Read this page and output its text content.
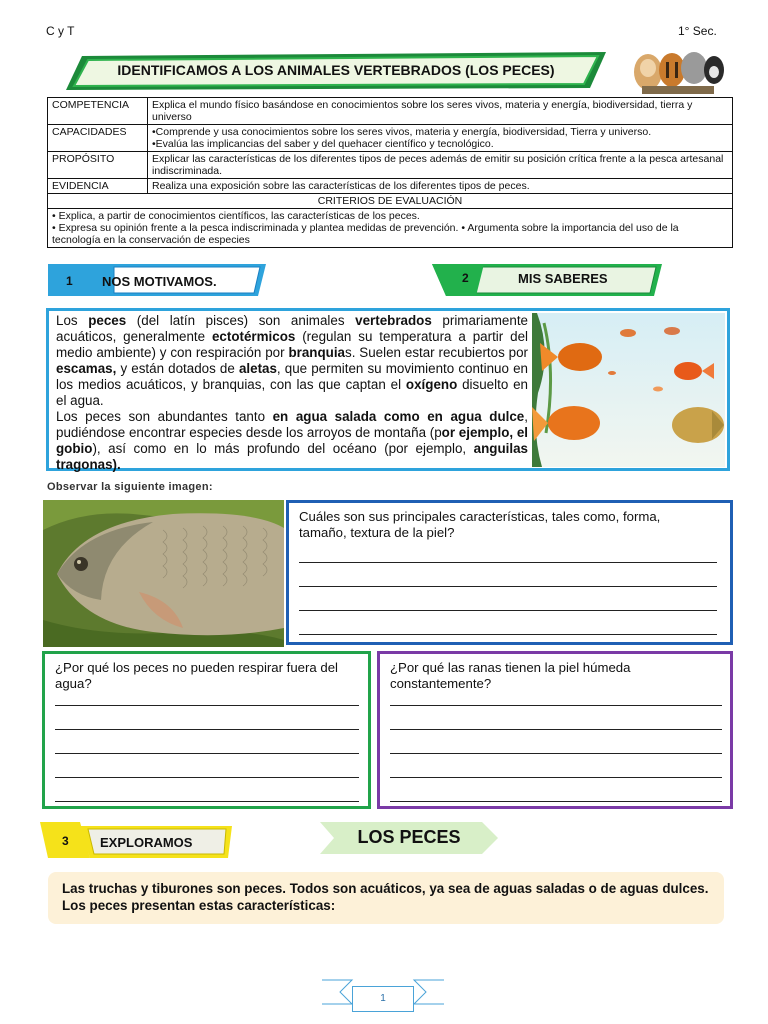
C y T	1° Sec.
IDENTIFICAMOS A LOS ANIMALES VERTEBRADOS (LOS PECES)
COMPETENCIA	Explica el mundo físico basándose en conocimientos sobre los seres vivos, materia y energía, biodiversidad, tierra y universo
CAPACIDADES	•Comprende y usa conocimientos sobre los seres vivos, materia y energía, biodiversidad, Tierra y universo.
•Evalúa las implicancias del saber y del quehacer científico y tecnológico.

PROPÓSITO	Explicar las características de los diferentes tipos de peces además de emitir su posición crítica frente a la pesca artesanal indiscriminada.
EVIDENCIA	Realiza una exposición sobre las características de los diferentes tipos de peces.
CRITERIOS DE EVALUACIÓN	

• Explica, a partir de conocimientos científicos, las características de los peces.
• Expresa su opinión frente a la pesca indiscriminada y plantea medidas de prevención. • Argumenta sobre la importancia del uso de la tecnología en la conservación de especies	
1 NOS MOTIVAMOS.	2	MIS SABERES

Los peces (del latín pisces) son animales vertebrados primariamente acuáticos, generalmente ectotérmicos (regulan su temperatura a partir del medio ambiente) y con respiración por branquias. Suelen estar recubiertos por escamas, y están dotados de aletas, que permiten su movimiento continuo en los medios acuáticos, y branquias, con las que captan el oxígeno disuelto en el agua.

Los peces son abundantes tanto en agua salada como en agua dulce, pudiéndose encontrar especies desde los arroyos de montaña (por ejemplo, el gobio), así como en lo más profundo del océano (por ejemplo, anguilas tragonas).

Observar la siguiente imagen:
Cuáles son sus principales características, tales como, forma, tamaño, textura de la piel?
¿Por qué los peces no pueden respirar fuera del agua?
¿Por qué las ranas tienen la piel húmeda constantemente?
3 EXPLORAMOS	LOS PECES
Las truchas y tiburones son peces. Todos son acuáticos, ya sea de aguas saladas o de aguas dulces. Los peces presentan estas características:
1
